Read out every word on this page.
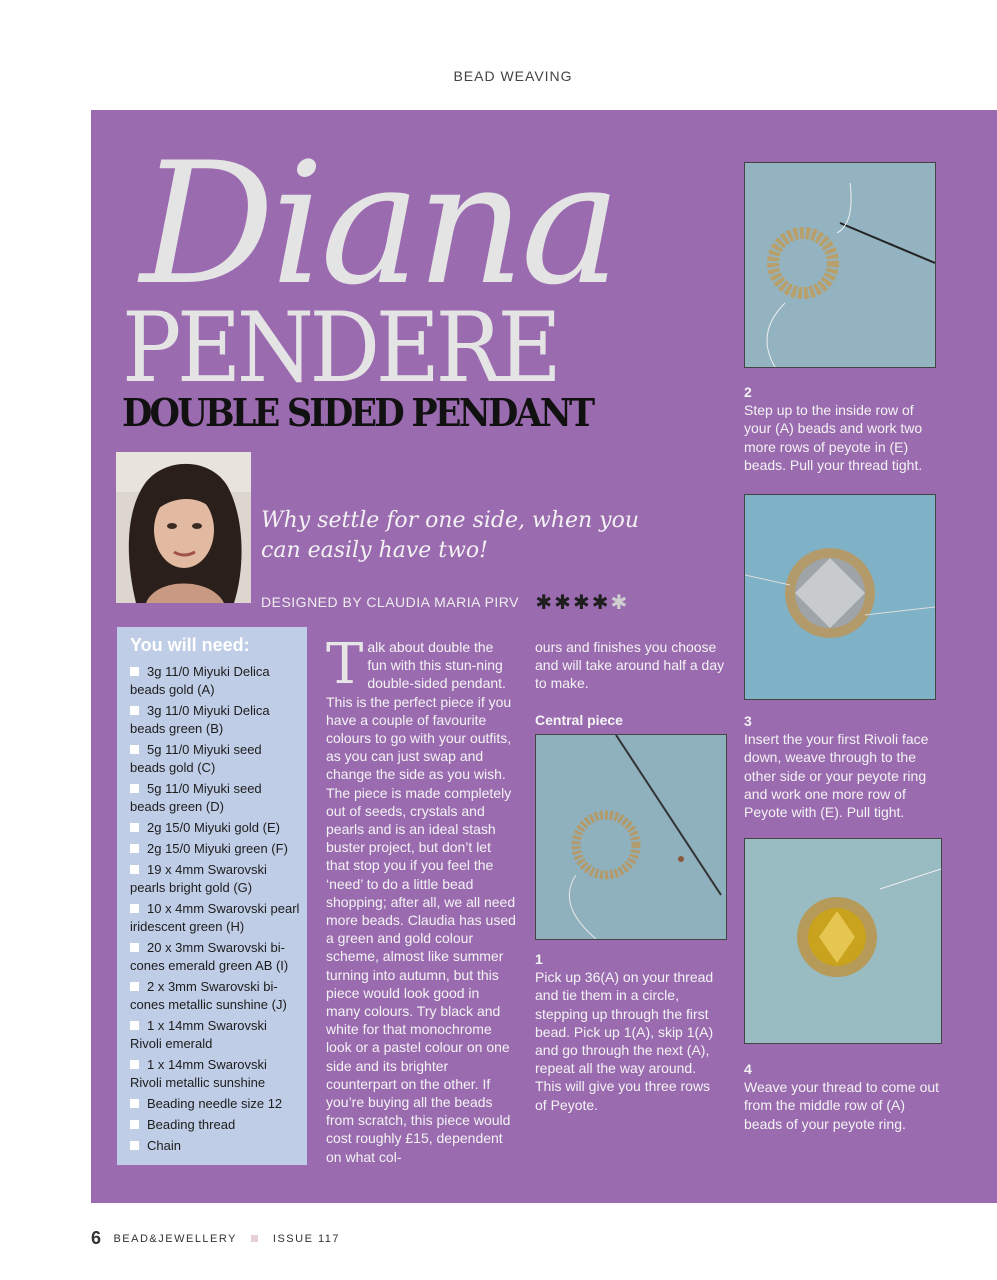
BEAD WEAVING
Diana
PENDERE
DOUBLE SIDED PENDANT
Why settle for one side, when you can easily have two!
DESIGNED BY CLAUDIA MARIA PIRV ✱✱✱✱✱
You will need:
3g 11/0 Miyuki Delica beads gold (A)
3g 11/0 Miyuki Delica beads green (B)
5g 11/0 Miyuki seed beads gold (C)
5g 11/0 Miyuki seed beads green (D)
2g 15/0 Miyuki gold (E)
2g 15/0 Miyuki green (F)
19 x 4mm Swarovski pearls bright gold (G)
10 x 4mm Swarovski pearl iridescent green (H)
20 x 3mm Swarovski bi-cones emerald green AB (I)
2 x 3mm Swarovski bi-cones metallic sunshine (J)
1 x 14mm Swarovski Rivoli emerald
1 x 14mm Swarovski Rivoli metallic sunshine
Beading needle size 12
Beading thread
Chain
Talk about double the fun with this stun-ning double-sided pendant. This is the perfect piece if you have a couple of favourite colours to go with your outfits, as you can just swap and change the side as you wish. The piece is made completely out of seeds, crystals and pearls and is an ideal stash buster project, but don’t let that stop you if you feel the ‘need’ to do a little bead shopping; after all, we all need more beads. Claudia has used a green and gold colour scheme, almost like summer turning into autumn, but this piece would look good in many colours. Try black and white for that monochrome look or a pastel colour on one side and its brighter counterpart on the other. If you’re buying all the beads from scratch, this piece would cost roughly £15, dependent on what col-
ours and finishes you choose and will take around half a day to make.
Central piece
1
Pick up 36(A) on your thread and tie them in a circle, stepping up through the first bead. Pick up 1(A), skip 1(A) and go through the next (A), repeat all the way around. This will give you three rows of Peyote.
2
Step up to the inside row of your (A) beads and work two more rows of peyote in (E) beads. Pull your thread tight.
3
Insert the your first Rivoli face down, weave through to the other side or your peyote ring and work one more row of Peyote with (E). Pull tight.
4
Weave your thread to come out from the middle row of (A) beads of your peyote ring.
6 BEAD&JEWELLERY	ISSUE 117
